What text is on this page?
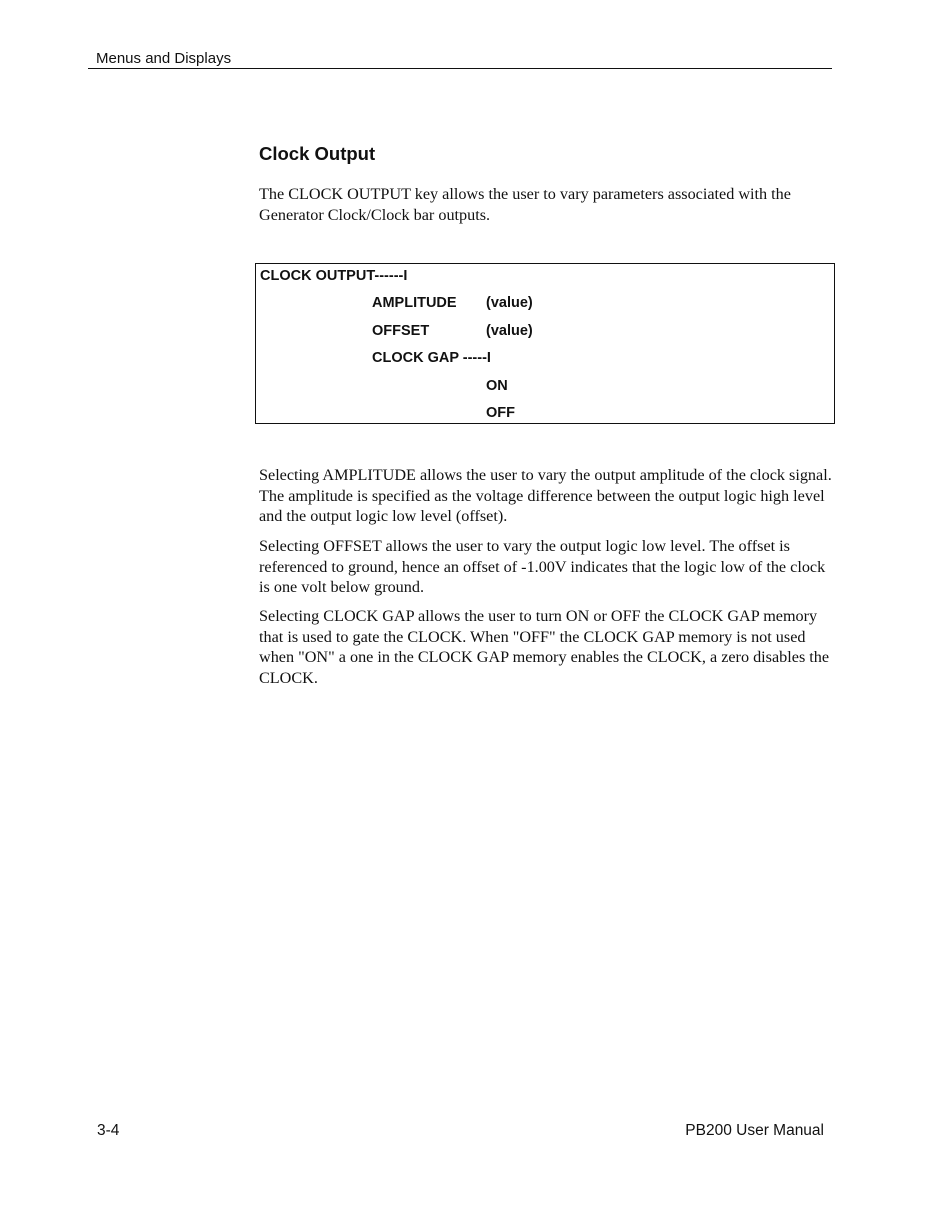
Menus and Displays
Clock Output

The CLOCK OUTPUT key allows the user to vary parameters associated with the Generator Clock/Clock bar outputs.

CLOCK OUTPUT------I
AMPLITUDE (value)
OFFSET	(value)
CLOCK GAP -----I
ON
OFF

Selecting AMPLITUDE allows the user to vary the output amplitude of the clock signal. The amplitude is specified as the voltage difference between the output logic high level and the output logic low level (offset).

Selecting OFFSET allows the user to vary the output logic low level. The offset is referenced to ground, hence an offset of -1.00V indicates that the logic low of the clock is one volt below ground.

Selecting CLOCK GAP allows the user to turn ON or OFF the CLOCK GAP memory that is used to gate the CLOCK. When "OFF" the CLOCK GAP memory is not used when "ON" a one in the CLOCK GAP memory enables the CLOCK, a zero disables the CLOCK.

3-4	PB200 User Manual
